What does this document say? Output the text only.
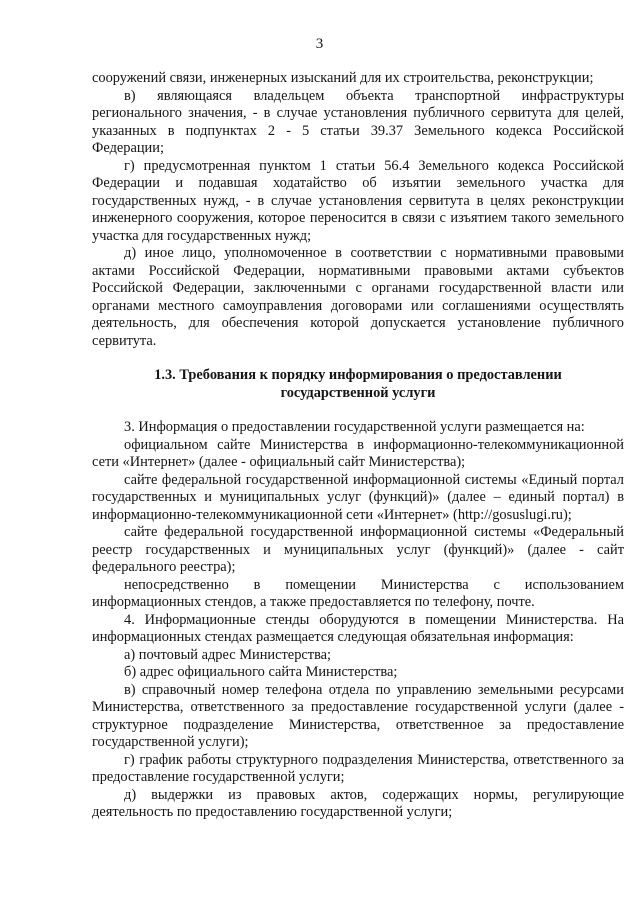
3

сооружений связи, инженерных изысканий для их строительства, реконструкции;

в) являющаяся владельцем объекта транспортной инфраструктуры регионального значения, - в случае установления публичного сервитута для целей, указанных в подпунктах 2 - 5 статьи 39.37 Земельного кодекса Российской Федерации;

г) предусмотренная пунктом 1 статьи 56.4 Земельного кодекса Российской Федерации и подавшая ходатайство об изъятии земельного участка для государственных нужд, - в случае установления сервитута в целях реконструкции инженерного сооружения, которое переносится в связи с изъятием такого земельного участка для государственных нужд;

д) иное лицо, уполномоченное в соответствии с нормативными правовыми актами Российской Федерации, нормативными правовыми актами субъектов Российской Федерации, заключенными с органами государственной власти или органами местного самоуправления договорами или соглашениями осуществлять деятельность, для обеспечения которой допускается установление публичного сервитута.

1.3. Требования к порядку информирования о предоставлении государственной услуги

3. Информация о предоставлении государственной услуги размещается на:

официальном сайте Министерства в информационно-телекоммуникационной сети «Интернет» (далее - официальный сайт Министерства);

сайте федеральной государственной информационной системы «Единый портал государственных и муниципальных услуг (функций)» (далее – единый портал) в информационно-телекоммуникационной сети «Интернет» (http://gosuslugi.ru);

сайте федеральной государственной информационной системы «Федеральный реестр государственных и муниципальных услуг (функций)» (далее - сайт федерального реестра);

непосредственно в помещении Министерства с использованием информационных стендов, а также предоставляется по телефону, почте.

4. Информационные стенды оборудуются в помещении Министерства. На информационных стендах размещается следующая обязательная информация:

а) почтовый адрес Министерства;

б) адрес официального сайта Министерства;

в) справочный номер телефона отдела по управлению земельными ресурсами Министерства, ответственного за предоставление государственной услуги (далее - структурное подразделение Министерства, ответственное за предоставление государственной услуги);

г) график работы структурного подразделения Министерства, ответственного за предоставление государственной услуги;

д) выдержки из правовых актов, содержащих нормы, регулирующие деятельность по предоставлению государственной услуги;
